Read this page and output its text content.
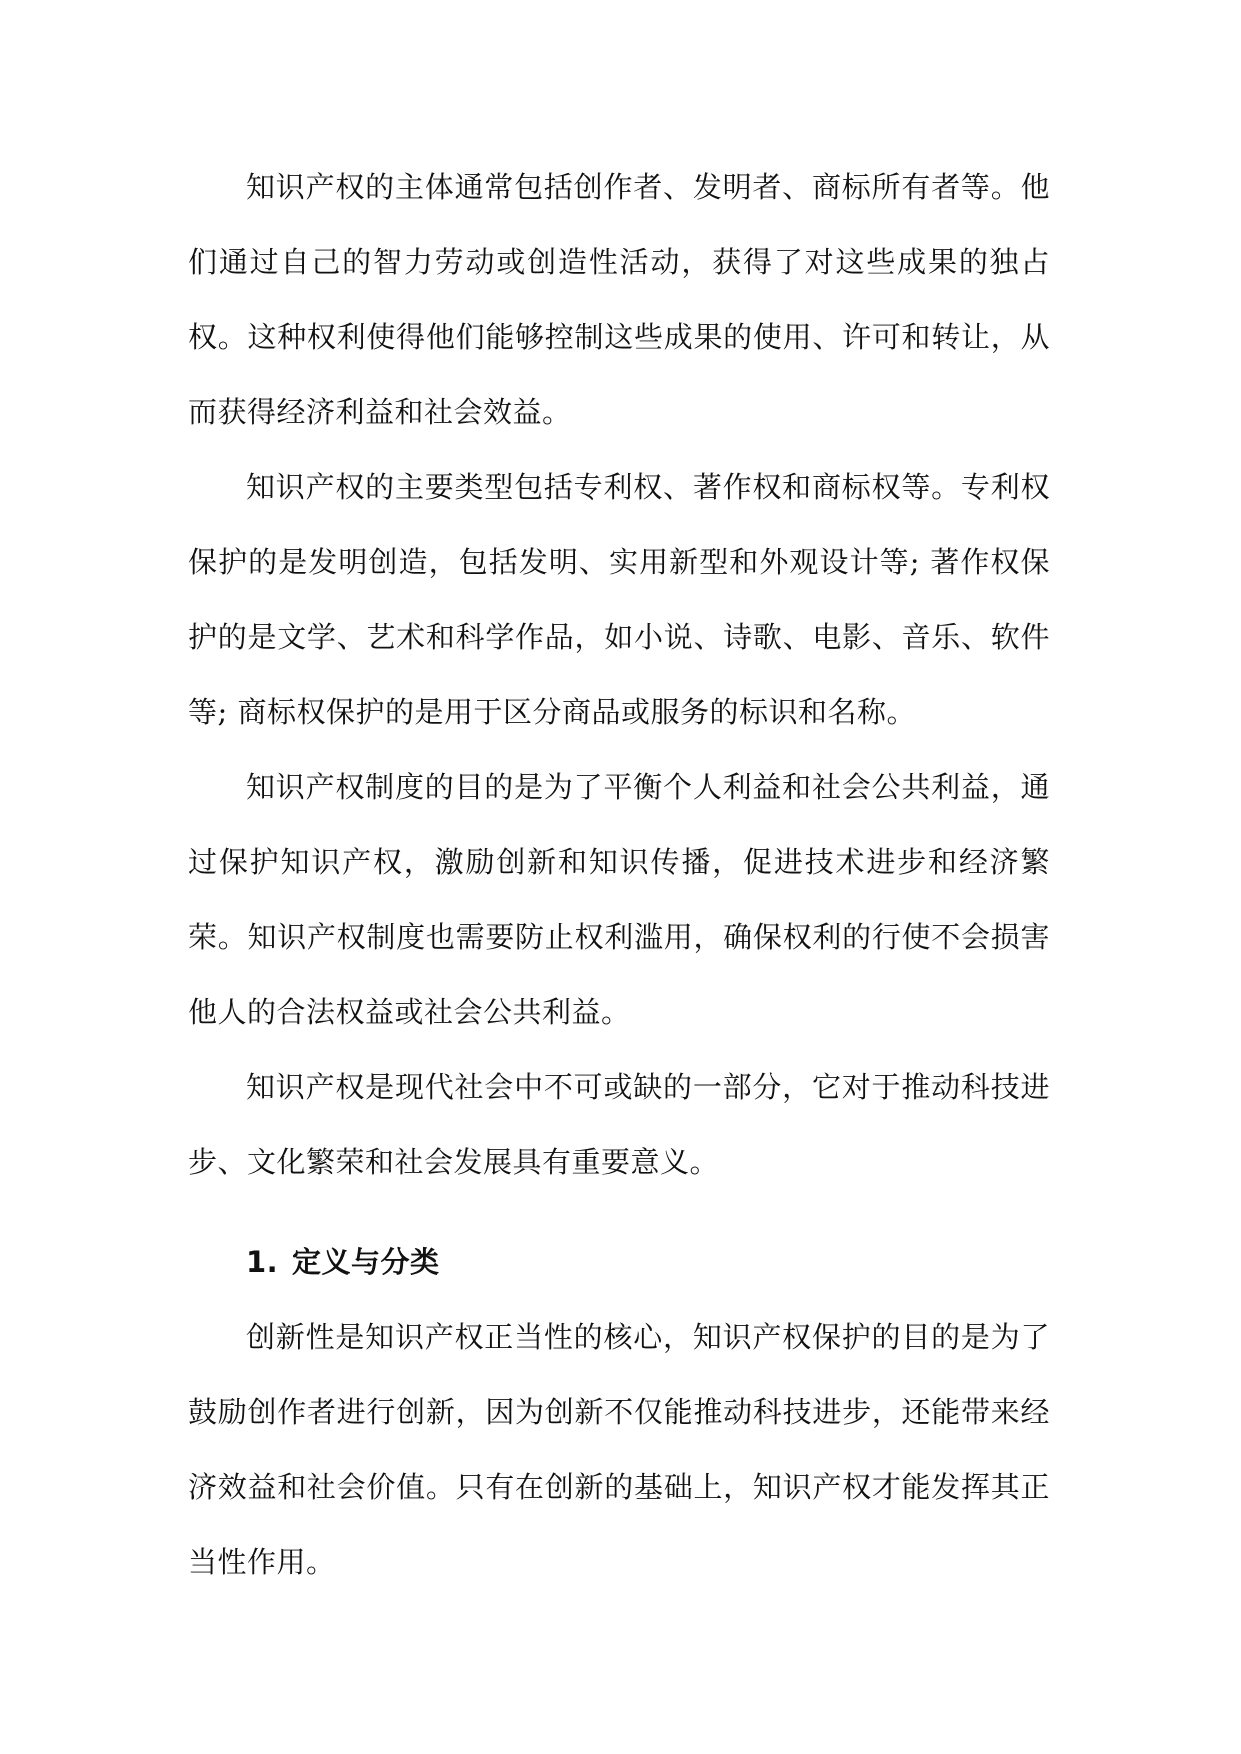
知识产权的主体通常包括创作者、发明者、商标所有者等。他们通过自己的智力劳动或创造性活动，获得了对这些成果的独占权。这种权利使得他们能够控制这些成果的使用、许可和转让，从而获得经济利益和社会效益。

知识产权的主要类型包括专利权、著作权和商标权等。专利权保护的是发明创造，包括发明、实用新型和外观设计等; 著作权保护的是文学、艺术和科学作品，如小说、诗歌、电影、音乐、软件等; 商标权保护的是用于区分商品或服务的标识和名称。

知识产权制度的目的是为了平衡个人利益和社会公共利益，通过保护知识产权，激励创新和知识传播，促进技术进步和经济繁荣。知识产权制度也需要防止权利滥用，确保权利的行使不会损害他人的合法权益或社会公共利益。

知识产权是现代社会中不可或缺的一部分，它对于推动科技进步、文化繁荣和社会发展具有重要意义。

1. 定义与分类

创新性是知识产权正当性的核心，知识产权保护的目的是为了鼓励创作者进行创新，因为创新不仅能推动科技进步，还能带来经济效益和社会价值。只有在创新的基础上，知识产权才能发挥其正当性作用。
